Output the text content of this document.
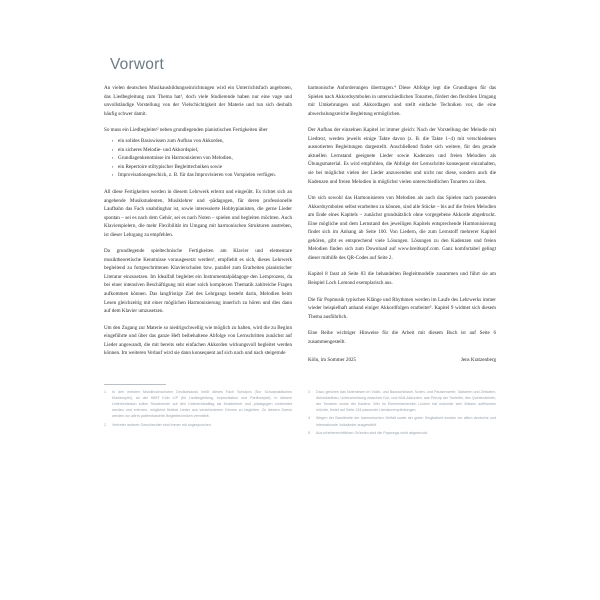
Vorwort

An vielen deutschen Musikausbildungseinrichtungen wird ein Unterrichtsfach angeboten, das Liedbegleitung zum Thema hat¹, doch viele Studierende haben nur eine vage und unvollständige Vorstellung von der Vielschichtigkeit der Materie und tun sich deshalb häufig schwer damit.

So muss ein Liedbegleiter² neben grundlegenden pianistischen Fertigkeiten über

▪ ein solides Basiswissen zum Aufbau von Akkorden,
▪ ein sicheres Melodie- und Akkordspiel,
▪ Grundlagenkenntnisse im Harmonisieren von Melodien,
▪ ein Repertoire stiltypischer Begleittechniken sowie
▪ Improvisationsgeschick, z. B. für das Improvisieren von Vorspielen verfügen.

All diese Fertigkeiten werden in diesem Lehrwerk erlernt und eingeübt. Es richtet sich an angehende Musikstudenten, Musiklehrer und -pädagogen, für deren professionelle Laufbahn das Fach unabdingbar ist, sowie interessierte Hobbypianisten, die gerne Lieder spontan – sei es nach dem Gehör, sei es nach Noten – spielen und begleiten möchten. Auch Klavierspielern, die mehr Flexibilität im Umgang mit harmonischen Strukturen anstreben, ist dieser Lehrgang zu empfehlen.

Da grundlegende spieltechnische Fertigkeiten am Klavier und elementare musiktheoretische Kenntnisse vorausgesetzt werden³, empfiehlt es sich, dieses Lehrwerk begleitend zu fortgeschrittenen Klavierschulen bzw. parallel zum Erarbeiten pianistischer Literatur einzusetzen. Im Idealfall begleitet ein Instrumentalpädagoge den Lernprozess, da bei einer intensiven Beschäftigung mit einer solch komplexen Thematik zahlreiche Fragen aufkommen können. Das langfristige Ziel des Lehrgangs besteht darin, Melodien beim Lesen gleichzeitig mit einer möglichen Harmonisierung innerlich zu hören und dies dann auf dem Klavier umzusetzen.

Um den Zugang zur Materie so niedrigschwellig wie möglich zu halten, wird die zu Beginn eingeführte und über das ganze Heft beibehaltene Abfolge von Lernschritten zunächst auf Lieder angewandt, die mit bereits sehr einfachen Akkorden wirkungsvoll begleitet werden können. Im weiteren Verlauf wird sie dann konsequent auf sich nach und nach steigernde

harmonische Anforderungen übertragen.⁴ Diese Abfolge legt die Grundlagen für das Spielen nach Akkordsymbolen in unterschiedlichen Tonarten, fördert den flexiblen Umgang mit Umkehrungen und Akkordlagen und stellt einfache Techniken vor, die eine abwechslungsreiche Begleitung ermöglichen.

Der Aufbau der einzelnen Kapitel ist immer gleich: Nach der Vorstellung der Melodie mit Liedtext, werden jeweils einige Takte davon (z. B. die Takte 1–4) mit verschiedenen ausnotierten Begleitungen dargestellt. Anschließend findet sich weitere, für den gerade aktuellen Lernstand geeignete Lieder sowie Kadenzen und freien Melodien als Übungsmaterial. Es wird empfohlen, die Abfolge der Lernschritte konsequent einzuhalten, sie bei möglichst vielen der Lieder anzuwenden und nicht nur diese, sondern auch die Kadenzen und freien Melodien in möglichst vielen unterschiedlichen Tonarten zu üben.

Um sich sowohl das Harmonisieren von Melodien als auch das Spielen nach passenden Akkordsymbolen selbst erarbeiten zu können, sind alle Stücke – bis auf die freien Melodien am Ende eines Kapitels – zunächst grundsätzlich ohne vorgegebene Akkorde abgedruckt. Eine mögliche und dem Lernstand des jeweiligen Kapitels entsprechende Harmonisierung findet sich im Anhang ab Seite 100. Von Liedern, die zum Lernstoff mehrerer Kapitel gehören, gibt es entsprechend viele Lösungen. Lösungen zu den Kadenzen und freien Melodien finden sich zum Download auf www.breitkopf.com. Ganz komfortabel gelingt dieser mithilfe des QR-Codes auf Seite 2.

Kapitel 8 fasst ab Seite 83 die behandelten Begleitmodelle zusammen und führt sie am Beispiel Loch Lomond exemplarisch aus.

Die für Popmusik typischen Klänge und Rhythmen werden im Laufe des Lehrwerks immer wieder beispielhaft anhand einiger Akkordfolgen erarbeitet⁵. Kapitel 9 widmet sich diesem Thema ausführlich.

Eine Reihe wichtiger Hinweise für die Arbeit mit diesem Buch ist auf Seite 6 zusammengestellt.

Köln, im Sommer 2025	Jens Kratzenberg
1	In den meisten Musikhochschulen Deutschlands heißt dieses Fach Schulpra (Sur Schulpraktisches Klavierspiel), an der HfMT Köln LIP (für Liedbegleitung, Improvisation und Partiturspiel). In diesem Unterrichtsfach sollen Studierende auf den Unterrichtsalltag als Musiklehrer und -pädagogen vorbereitet werden und erlernen, möglichst flexibel Lieder aus verschiedenen Genres zu begleiten. Zu diesem Zweck werden vor allem patternbasierte Begleittechniken vermittelt.
2	Vertreter anderer Geschlechter sind immer mit angesprochen.
3	Dazu gehören das Notenlesen im Violin- und Bassschlüssel, Noten- und Pausenwerte, Taktarten und Zeitarten, Akkordaufbau, Unterscheidung zwischen Dur- und Moll-Akkorden, das Prinzip der Tonleiter, des Quintenzirkels, der Tonarten sowie der Kadenz. Wer im Elementarbereich Lücken hat und/oder sein Wissen auffrischen möchte, findet auf Seite 134 passende Literaturempfehlungen.
4	Wegen der Bandbreite der harmonischen Vielfalt sowie der guten Singbarkeit wurden vor allem deutsche und internationale Volkslieder ausgewählt.
5	Aus urheberrechtlichen Gründen sind die Popsongs nicht abgedruckt.
